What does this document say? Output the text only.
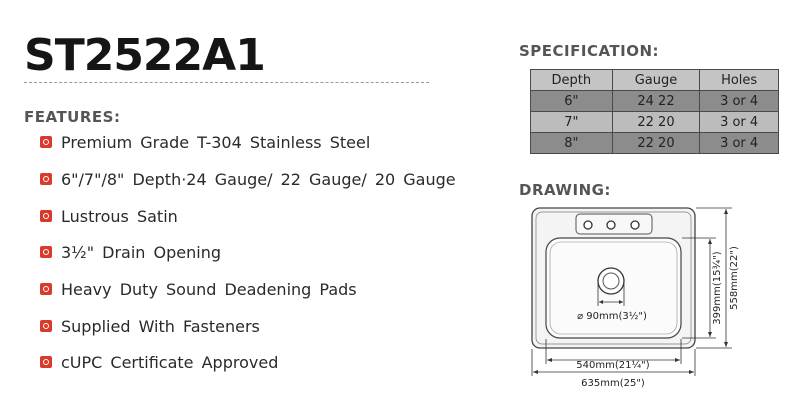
ST2522A1
FEATURES:
Premium Grade T-304 Stainless Steel
6"/7"/8" Depth·24 Gauge/ 22 Gauge/ 20 Gauge
Lustrous Satin
3½" Drain Opening
Heavy Duty Sound Deadening Pads
Supplied With Fasteners
cUPC Certificate Approved
SPECIFICATION:
Depth	Gauge	Holes
6"	24 22	3 or 4
7"	22 20	3 or 4
8"	22 20	3 or 4
DRAWING:
⌀ 90mm(3½")
540mm(21¼")
635mm(25")
399mm(15¾") 558mm(22")
